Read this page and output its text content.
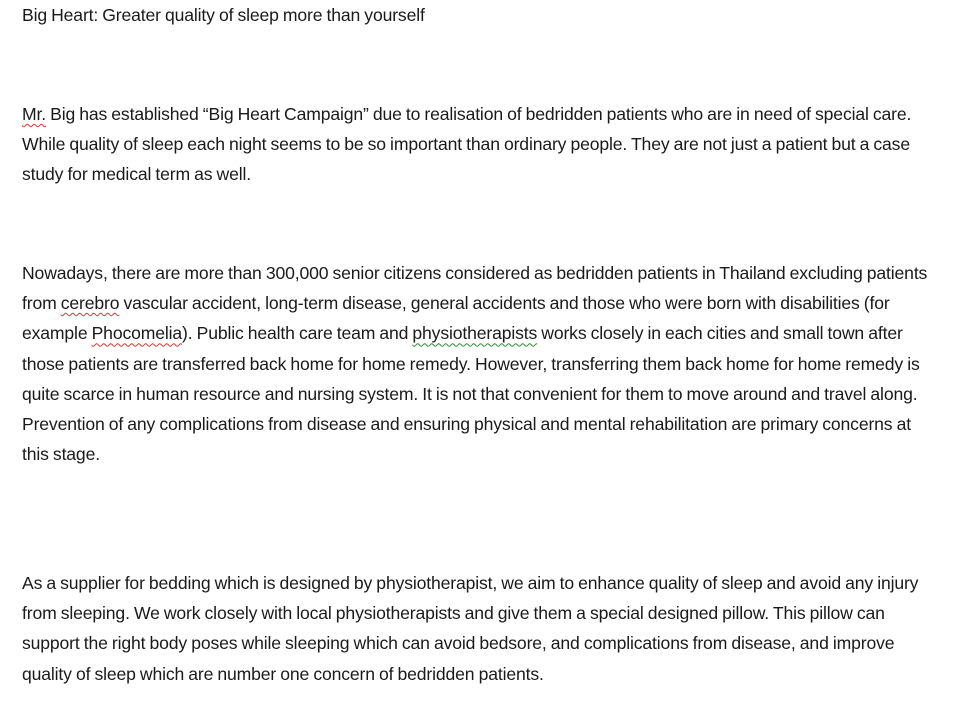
Big Heart: Greater quality of sleep more than yourself

Mr. Big has established “Big Heart Campaign” due to realisation of bedridden patients who are in need of special care. While quality of sleep each night seems to be so important than ordinary people. They are not just a patient but a case study for medical term as well.

Nowadays, there are more than 300,000 senior citizens considered as bedridden patients in Thailand excluding patients from cerebro vascular accident, long-term disease, general accidents and those who were born with disabilities (for example Phocomelia). Public health care team and physiotherapists works closely in each cities and small town after those patients are transferred back home for home remedy. However, transferring them back home for home remedy is quite scarce in human resource and nursing system. It is not that convenient for them to move around and travel along. Prevention of any complications from disease and ensuring physical and mental rehabilitation are primary concerns at this stage.

As a supplier for bedding which is designed by physiotherapist, we aim to enhance quality of sleep and avoid any injury from sleeping. We work closely with local physiotherapists and give them a special designed pillow. This pillow can support the right body poses while sleeping which can avoid bedsore, and complications from disease, and improve quality of sleep which are number one concern of bedridden patients.
